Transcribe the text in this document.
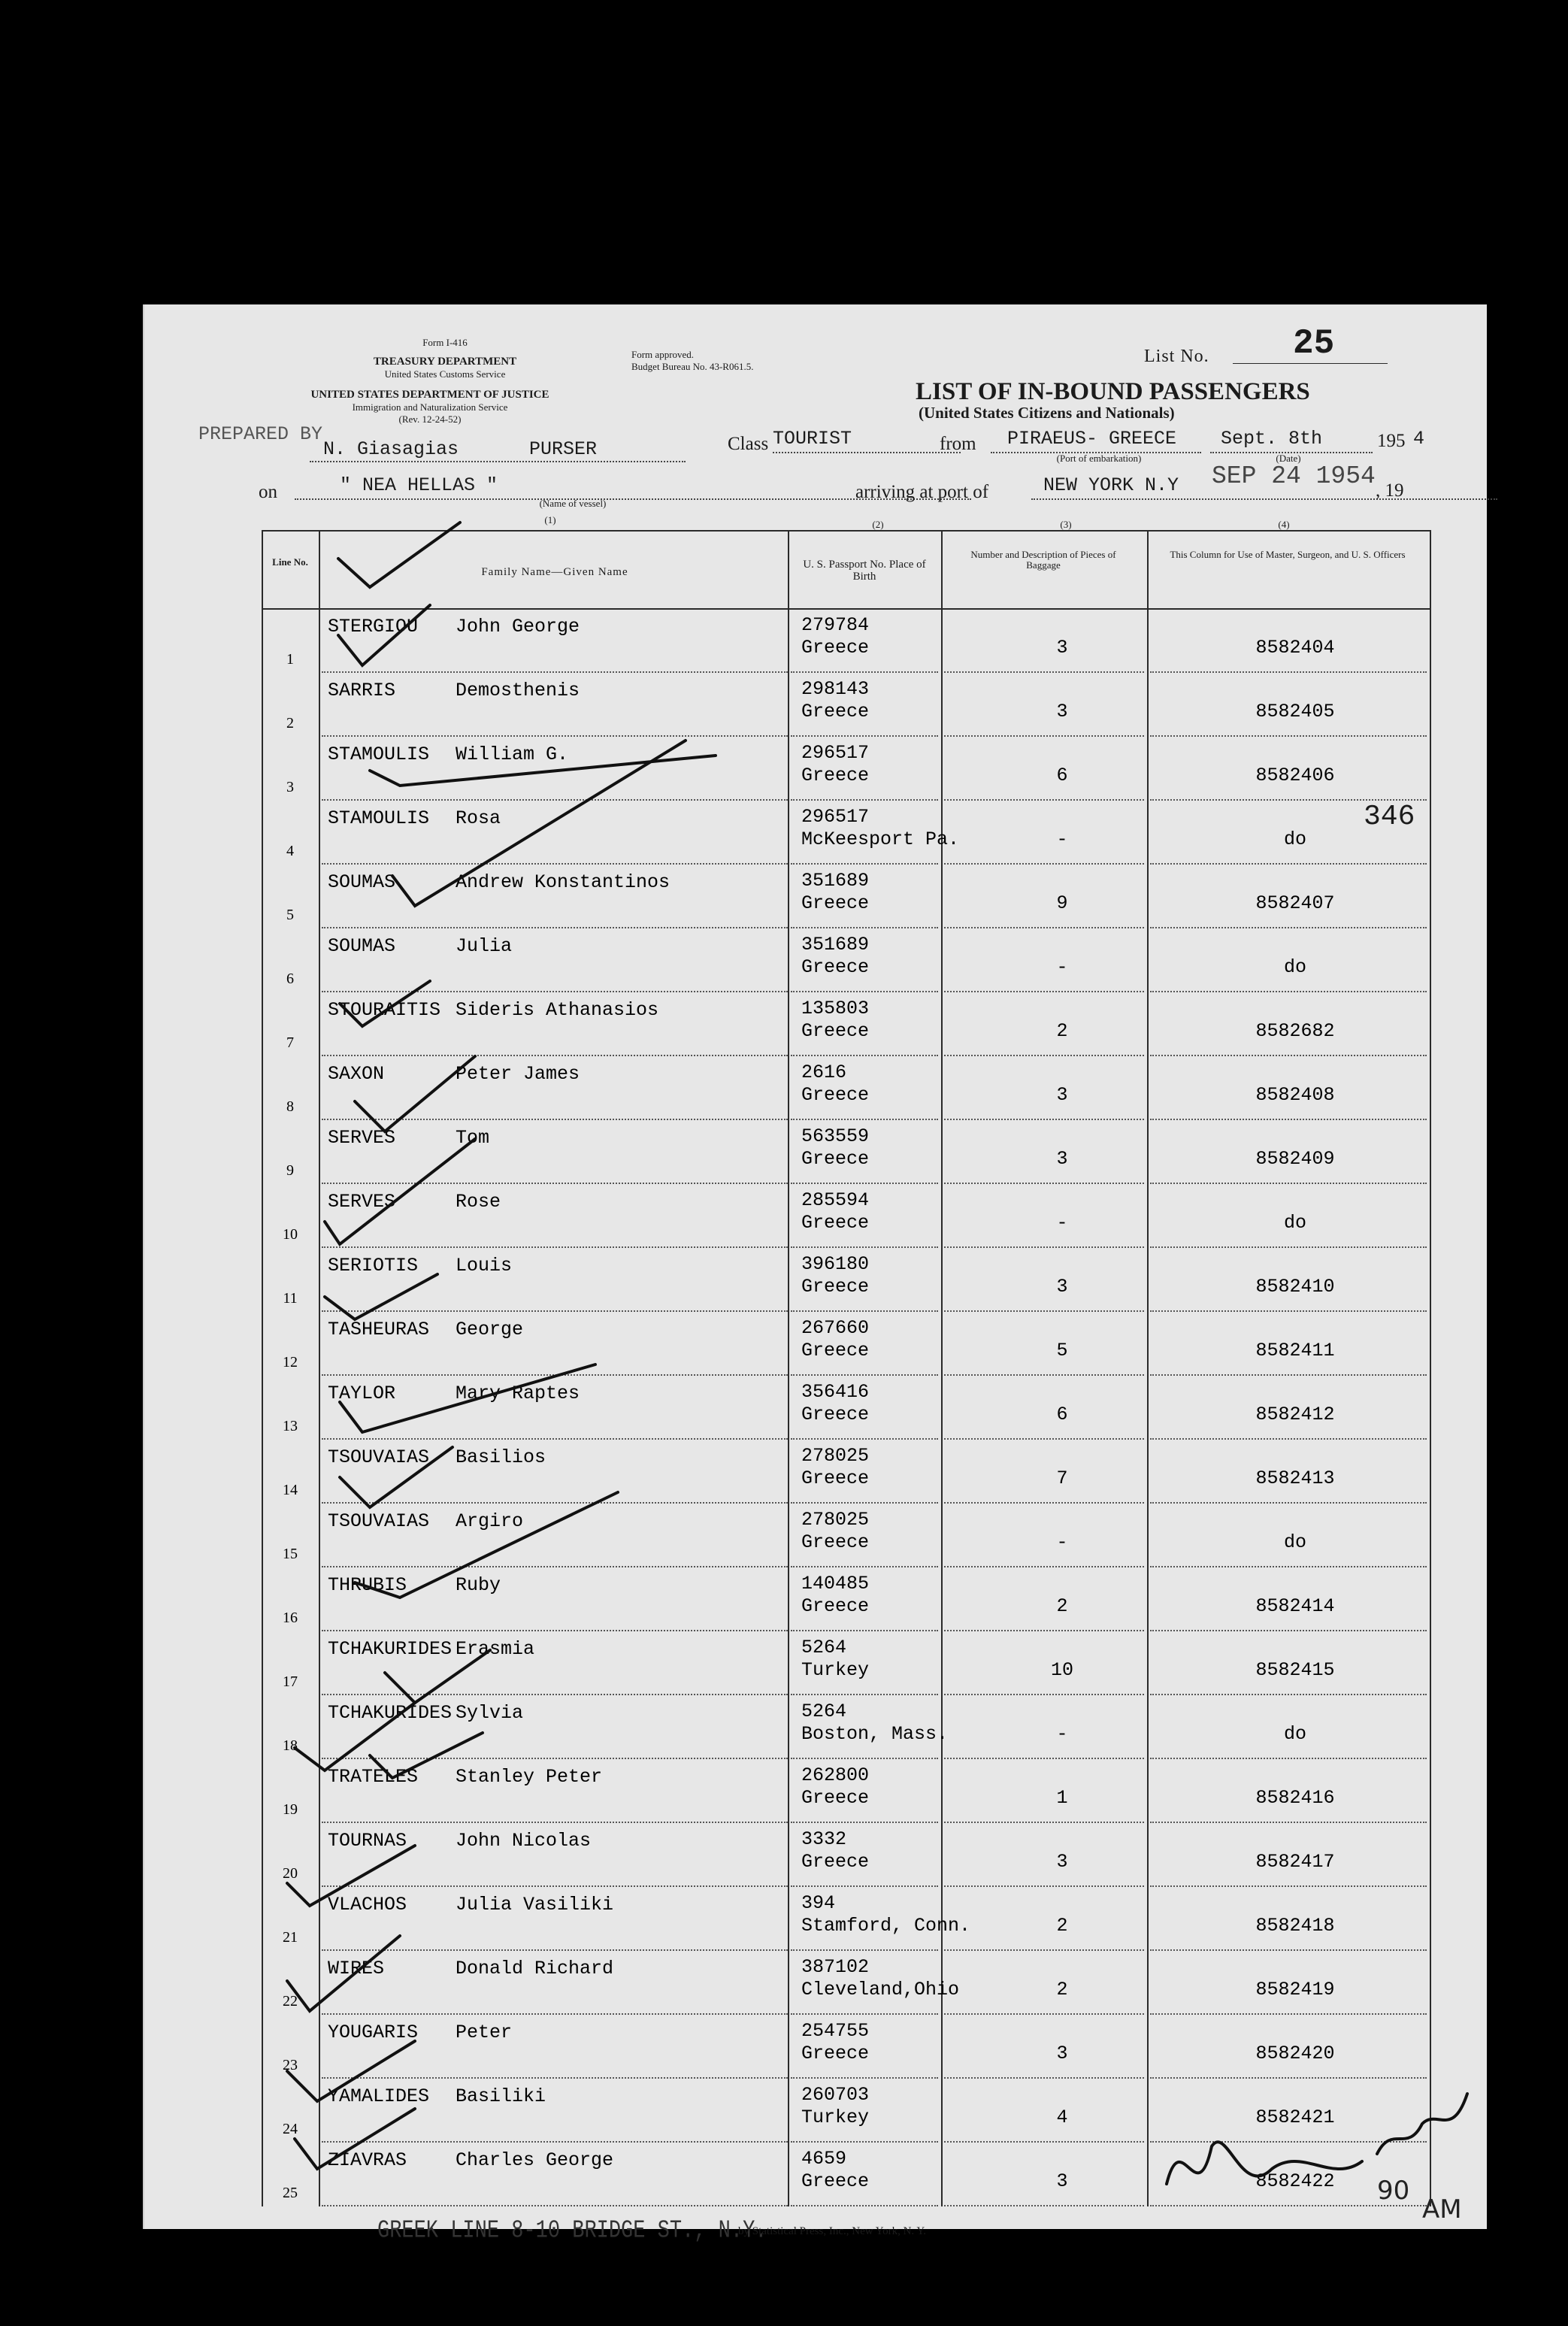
Form I-416
TREASURY DEPARTMENT
United States Customs Service
UNITED STATES DEPARTMENT OF JUSTICE
Immigration and Naturalization Service
(Rev. 12-24-52)
Form approved.
Budget Bureau No. 43-R061.5.
List No. 25
LIST OF IN-BOUND PASSENGERS
(United States Citizens and Nationals)
PREPARED BY
N. Giasagias	PURSER	Class TOURIST	from PIRAEUS- GREECE
(Port of embarkation)
Sept. 8th
(Date)
195 4
on	" NEA HELLAS "
(Name of vessel)
arriving at port of	NEW YORK N.Y SEP 24 1954
, 19
(1)	(2)	(3)	(4)
Line No.
Family Name—Given Name
U. S. Passport No. Place of Birth
Number and Description of Pieces of Baggage
This Column for Use of Master, Surgeon, and U. S. Officers
1
STERGIOU John George	279784
Greece	3	8582404
2
SARRIS	Demosthenis	298143
Greece	3	8582405
3
STAMOULIS William G.	296517
Greece	6	8582406
4
STAMOULIS Rosa	296517
McKeesport Pa.	-	do
5
SOUMAS	Andrew Konstantinos	351689
Greece	9	8582407
6
SOUMAS	Julia	351689
Greece	-	do
7
STOURAITIS Sideris Athanasios	135803
Greece	2	8582682
8
SAXON	Peter James	2616
Greece	3	8582408
9
SERVES	Tom	563559
Greece	3	8582409
10
SERVES	Rose	285594
Greece	-	do
11
SERIOTIS Louis	396180
Greece	3	8582410
12
TASHEURAS George	267660
Greece	5	8582411
13
TAYLOR	Mary Raptes	356416
Greece	6	8582412
14
TSOUVAIAS Basilios	278025
Greece	7	8582413
15
TSOUVAIAS Argiro	278025
Greece	-	do
16
THRUBIS	Ruby	140485
Greece	2	8582414
17
TCHAKURIDES Erasmia	5264
Turkey	10	8582415
18
TCHAKURIDES Sylvia	5264
Boston, Mass.	-	do
19
TRATELES Stanley Peter	262800
Greece	1	8582416
20
TOURNAS	John Nicolas	3332
Greece	3	8582417
21
VLACHOS	Julia Vasiliki	394
Stamford, Conn.	2	8582418
22
WIRES	Donald Richard	387102
Cleveland,Ohio	2	8582419
23
YOUGARIS Peter	254755
Greece	3	8582420
24
YAMALIDES Basiliki	260703
Turkey	4	8582421
25
ZIAVRAS	Charles George	4659
Greece	3	8582422
346
GREEK LINE 8-10 BRIDGE ST., N.Y.
by Statistical Press, Inc., New York, N. Y.
90
AM
